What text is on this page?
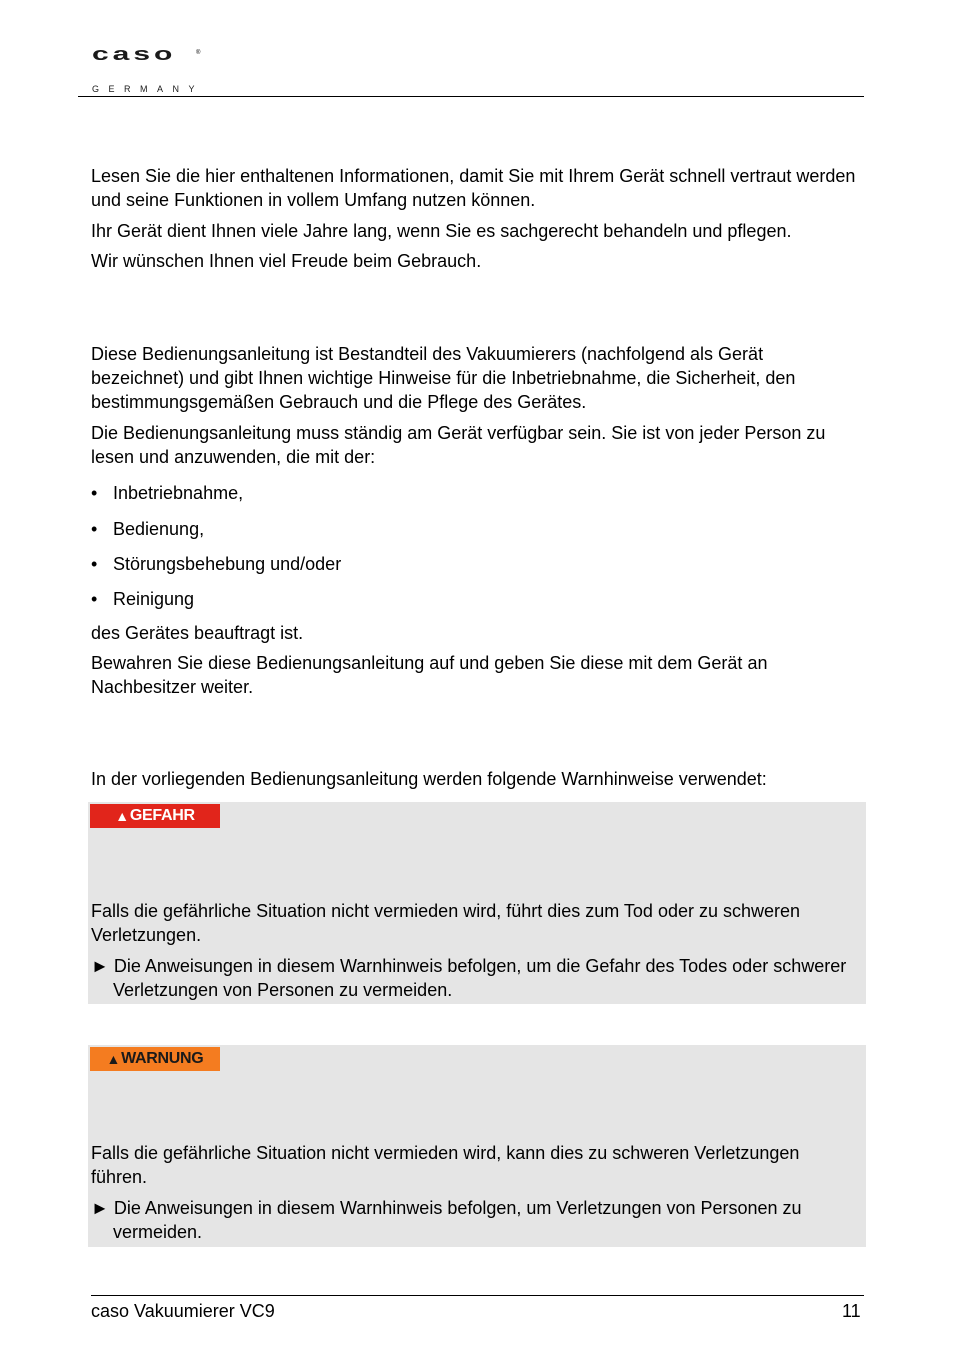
caso	®
GERMANY
Lesen Sie die hier enthaltenen Informationen, damit Sie mit Ihrem Gerät schnell vertraut werden und seine Funktionen in vollem Umfang nutzen können.
Ihr Gerät dient Ihnen viele Jahre lang, wenn Sie es sachgerecht behandeln und pflegen.
Wir wünschen Ihnen viel Freude beim Gebrauch.
Diese Bedienungsanleitung ist Bestandteil des Vakuumierers (nachfolgend als Gerät bezeichnet) und gibt Ihnen wichtige Hinweise für die Inbetriebnahme, die Sicherheit, den bestimmungsgemäßen Gebrauch und die Pflege des Gerätes.
Die Bedienungsanleitung muss ständig am Gerät verfügbar sein. Sie ist von jeder Person zu lesen und anzuwenden, die mit der:
• Inbetriebnahme,
• Bedienung,
• Störungsbehebung und/oder
• Reinigung
des Gerätes beauftragt ist.
Bewahren Sie diese Bedienungsanleitung auf und geben Sie diese mit dem Gerät an Nachbesitzer weiter.
In der vorliegenden Bedienungsanleitung werden folgende Warnhinweise verwendet:
▲ GEFAHR
Falls die gefährliche Situation nicht vermieden wird, führt dies zum Tod oder zu schweren Verletzungen.
► Die Anweisungen in diesem Warnhinweis befolgen, um die Gefahr des Todes oder schwerer Verletzungen von Personen zu vermeiden.
▲ WARNUNG
Falls die gefährliche Situation nicht vermieden wird, kann dies zu schweren Verletzungen führen.
► Die Anweisungen in diesem Warnhinweis befolgen, um Verletzungen von Personen zu vermeiden.
caso Vakuumierer VC9	11
